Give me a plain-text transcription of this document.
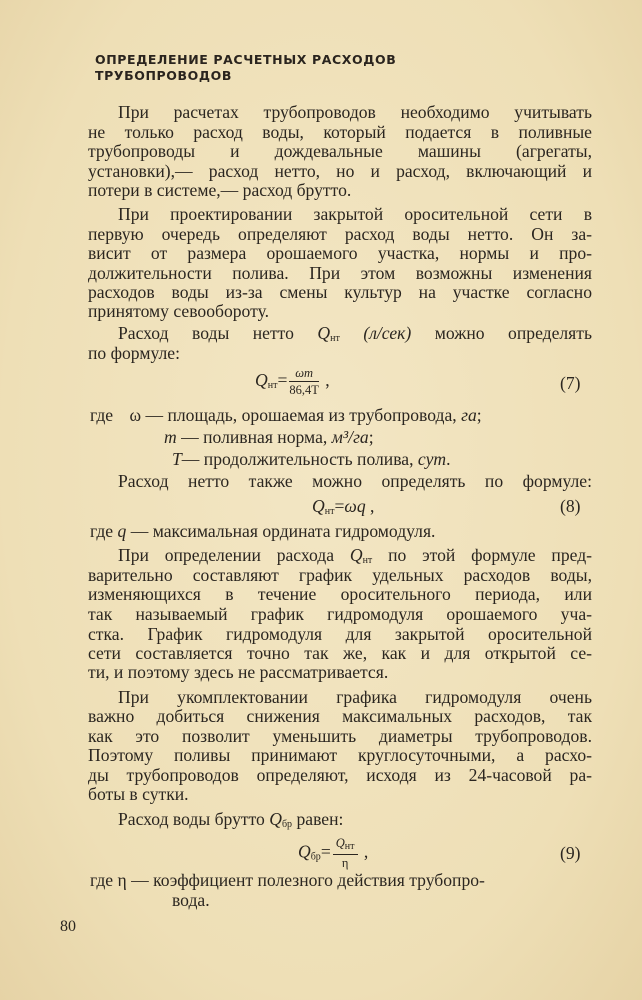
ОПРЕДЕЛЕНИЕ РАСЧЕТНЫХ РАСХОДОВ
ТРУБОПРОВОДОВ
При расчетах трубопроводов необходимо учитывать
не только расход воды, который подается в поливные
трубопроводы и дождевальные машины (агрегаты,
установки),— расход нетто, но и расход, включающий и
потери в системе,— расход брутто.
При проектировании закрытой оросительной сети в
первую очередь определяют расход воды нетто. Он за-
висит от размера орошаемого участка, нормы и про-
должительности полива. При этом возможны изменения
расходов воды из-за смены культур на участке согласно
принятому севообороту.
Расход воды нетто $Q_{нт}$ (л/сек) можно определять
по формуле:
$Q_{нт}= \frac{\omega m}{86,4T}$ ,	(7)
где ω — площадь, орошаемая из трубопровода, га;
m — поливная норма, м³/га;
T— продолжительность полива, сут.
Расход нетто также можно определять по формуле:
$Q_{нт}=\omega q$ ,	(8)
где q — максимальная ордината гидромодуля.
При определении расхода $Q_{нт}$ по этой формуле пред-
варительно составляют график удельных расходов воды,
изменяющихся в течение оросительного периода, или
так называемый график гидромодуля орошаемого уча-
стка. График гидромодуля для закрытой оросительной
сети составляется точно так же, как и для открытой се-
ти, и поэтому здесь не рассматривается.
При укомплектовании графика гидромодуля очень
важно добиться снижения максимальных расходов, так
как это позволит уменьшить диаметры трубопроводов.
Поэтому поливы принимают круглосуточными, а расхо-
ды трубопроводов определяют, исходя из 24-часовой ра-
боты в сутки.
Расход воды брутто $Q_{бр}$ равен:
$Q_{бр}= \frac{Q_{нт}}{\eta}$ ,	(9)
где η — коэффициент полезного действия трубопро-
вода.
80
